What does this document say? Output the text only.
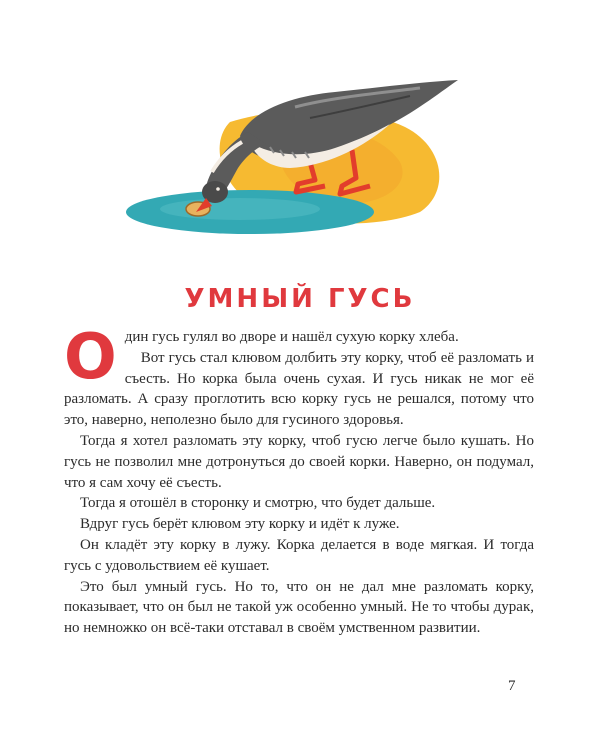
УМНЫЙ ГУСЬ

Один гусь гулял во дворе и нашёл сухую корку хлеба.

Вот гусь стал клювом долбить эту корку, чтоб её разломать и съесть. Но корка была очень сухая. И гусь никак не мог её разломать. А сразу проглотить всю корку гусь не решался, потому что это, наверно, неполезно было для гусиного здоровья.

Тогда я хотел разломать эту корку, чтоб гусю легче было кушать. Но гусь не позволил мне дотронуться до своей корки. Наверно, он подумал, что я сам хочу её съесть.

Тогда я отошёл в сторонку и смотрю, что будет дальше.

Вдруг гусь берёт клювом эту корку и идёт к луже.

Он кладёт эту корку в лужу. Корка делается в воде мягкая. И тогда гусь с удовольствием её кушает.

Это был умный гусь. Но то, что он не дал мне разломать корку, показывает, что он был не такой уж особенно умный. Не то чтобы дурак, но немножко он всё-таки отставал в своём умственном развитии.

7
